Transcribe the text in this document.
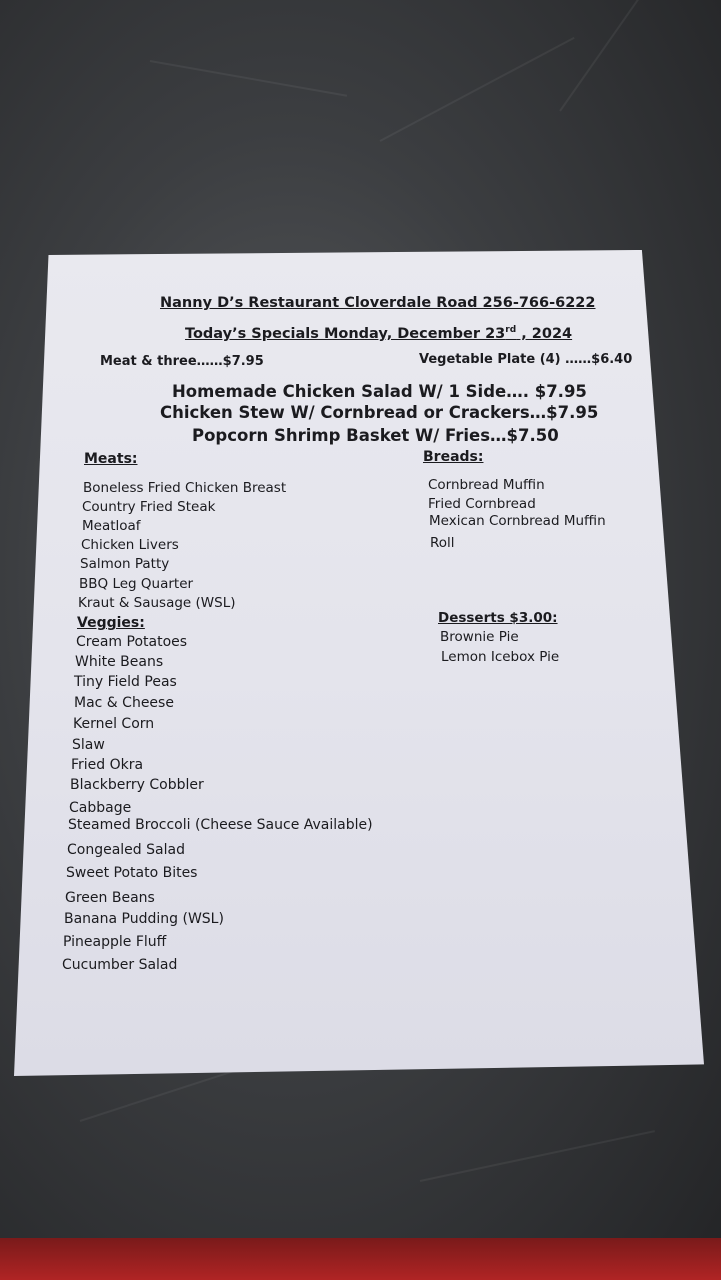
Nanny D’s Restaurant Cloverdale Road 256-766-6222
Today’s Specials Monday, December 23rd , 2024
Meat & three……$7.95	Vegetable Plate (4) ……$6.40
Homemade Chicken Salad W/ 1 Side…. $7.95
Chicken Stew W/ Cornbread or Crackers…$7.95
Popcorn Shrimp Basket W/ Fries…$7.50
Meats:	Breads:
Boneless Fried Chicken Breast
Country Fried Steak
Meatloaf
Chicken Livers
Salmon Patty
BBQ Leg Quarter
Kraut & Sausage (WSL)
Veggies:
Cream Potatoes
White Beans
Tiny Field Peas
Mac & Cheese
Kernel Corn
Slaw
Fried Okra
Blackberry Cobbler
Cabbage
Steamed Broccoli (Cheese Sauce Available)
Congealed Salad
Sweet Potato Bites
Green Beans
Banana Pudding (WSL)
Pineapple Fluff
Cucumber Salad
Cornbread Muffin
Fried Cornbread
Mexican Cornbread Muffin
Roll
Desserts $3.00:
Brownie Pie
Lemon Icebox Pie
